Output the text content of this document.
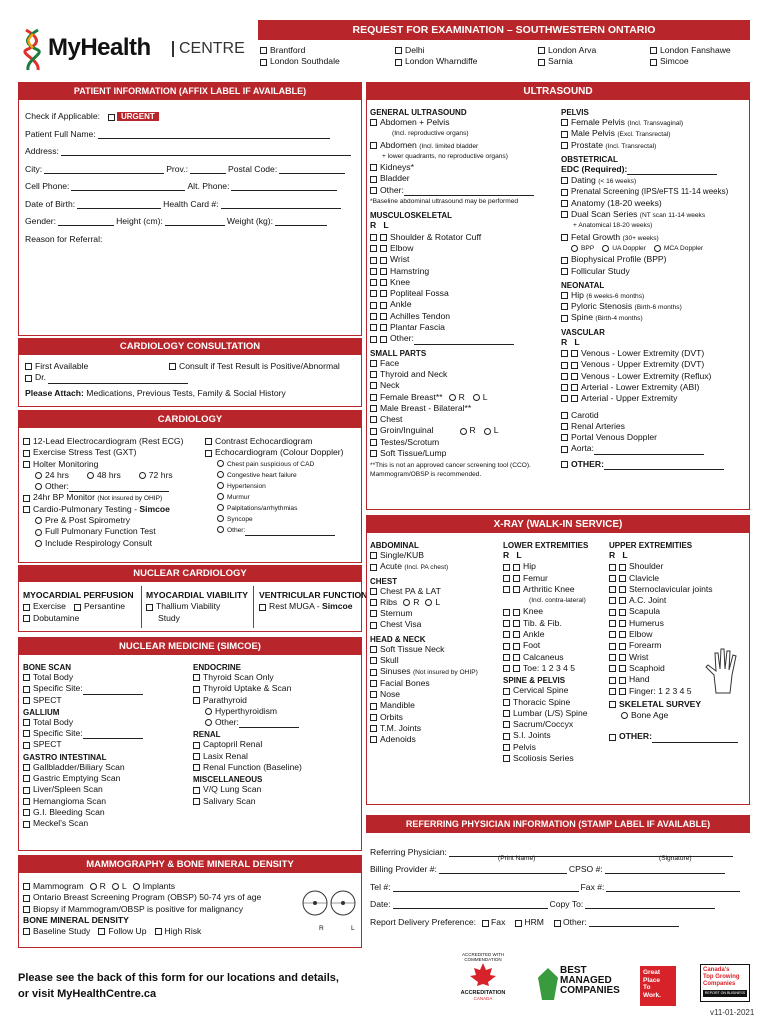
MyHealth	CENTRE
REQUEST FOR EXAMINATION – SOUTHWESTERN ONTARIO
Brantford
London Southdale
Delhi
London Wharndiffe
London Arva
Sarnia
London Fanshawe
Simcoe
PATIENT INFORMATION (AFFIX LABEL IF AVAILABLE)
Check if Applicable:	URGENT
Patient Full Name:
Address:
City:	Prov.:	Postal Code:
Cell Phone:	Alt. Phone:
Date of Birth:	Health Card #:
Gender:	Height (cm):	Weight (kg):
Reason for Referral:
CARDIOLOGY CONSULTATION
First Available	Consult if Test Result is Positive/Abnormal
Dr.
Please Attach: Medications, Previous Tests, Family & Social History
CARDIOLOGY
12-Lead Electrocardiogram (Rest ECG)
Exercise Stress Test (GXT)
Holter Monitoring
24 hrs	48 hrs	72 hrs
Other:
24hr BP Monitor (Not insured by OHIP)
Cardio-Pulmonary Testing - Simcoe
Pre & Post Spirometry
Full Pulmonary Function Test
Include Respirology Consult
Contrast Echocardiogram
Echocardiogram (Colour Doppler)
Chest pain suspicious of CAD
Congestive heart failure
Hypertension
Murmur
Palpitations/arrhythmias
Syncope
Other:
NUCLEAR CARDIOLOGY
MYOCARDIAL PERFUSION
Exercise Persantine
Dobutamine
MYOCARDIAL VIABILITY
Thallium Viability
Study
VENTRICULAR FUNCTION
Rest MUGA - Simcoe
NUCLEAR MEDICINE (SIMCOE)
BONE SCAN
Total Body
Specific Site:
SPECT
GALLIUM
Total Body
Specific Site:
SPECT
GASTRO INTESTINAL
Gallbladder/Biliary Scan
Gastric Emptying Scan
Liver/Spleen Scan
Hemangioma Scan
G.I. Bleeding Scan
Meckel's Scan
ENDOCRINE
Thyroid Scan Only
Thyroid Uptake & Scan
Parathyroid
Hyperthyroidism
Other:
RENAL
Captopril Renal
Lasix Renal
Renal Function (Baseline)
MISCELLANEOUS
V/Q Lung Scan
Salivary Scan
MAMMOGRAPHY & BONE MINERAL DENSITY
Mammogram R L Implants
Ontario Breast Screening Program (OBSP) 50-74 yrs of age
Biopsy if Mammogram/OBSP is positive for malignancy
BONE MINERAL DENSITY
Baseline Study Follow Up High Risk	R	L
ULTRASOUND
GENERAL ULTRASOUND
Abdomen + Pelvis
(Incl. reproductive organs)
Abdomen (Incl. limited bladder
+ lower quadrants, no reproductive organs)
Kidneys*
Bladder
Other:
*Baseline abdominal ultrasound may be performed
MUSCULOSKELETAL
R   L
Shoulder & Rotator Cuff
Elbow
Wrist
Hamstring
Knee
Popliteal Fossa
Ankle
Achilles Tendon
Plantar Fascia
Other:
SMALL PARTS
Face
Thyroid and Neck
Neck
Female Breast** R L
Male Breast - Bilateral**
Chest
Groin/Inguinal	R L
Testes/Scrotum
Soft Tissue/Lump
**This is not an approved cancer screening tool (CCO). Mammogram/OBSP is recommended.
PELVIS
Female Pelvis (Incl. Transvaginal)
Male Pelvis (Excl. Transrectal)
Prostate (Incl. Transrectal)
OBSTETRICAL
EDC (Required):
Dating (< 16 weeks)
Prenatal Screening (IPS/eFTS 11-14 weeks)
Anatomy (18-20 weeks)
Dual Scan Series (NT scan 11-14 weeks
+ Anatomical 18-20 weeks)
Fetal Growth (30+ weeks)
BPP	UA Doppler	MCA Doppler
Biophysical Profile (BPP)
Follicular Study
NEONATAL
Hip (6 weeks-6 months)
Pyloric Stenosis (Birth-6 months)
Spine (Birth-4 months)
VASCULAR
R   L
Venous - Lower Extremity (DVT)
Venous - Upper Extremity (DVT)
Venous - Lower Extremity (Reflux)
Arterial - Lower Extremity (ABI)
Arterial - Upper Extremity
Carotid
Renal Arteries
Portal Venous Doppler
Aorta:
OTHER:
X-RAY (WALK-IN SERVICE)
ABDOMINAL
Single/KUB
Acute (Incl. PA chest)
CHEST
Chest PA & LAT
Ribs R L
Sternum
Chest Visa
HEAD & NECK
Soft Tissue Neck
Skull
Sinuses (Not insured by OHIP)
Facial Bones
Nose
Mandible
Orbits
T.M. Joints
Adenoids
LOWER EXTREMITIES
R   L
Hip
Femur
Arthritic Knee
(Incl. contra-lateral)
Knee
Tib. & Fib.
Ankle
Foot
Calcaneus
Toe: 1 2 3 4 5
SPINE & PELVIS
Cervical Spine
Thoracic Spine
Lumbar (L/S) Spine
Sacrum/Coccyx
S.I. Joints
Pelvis
Scoliosis Series
UPPER EXTREMITIES
R   L
Shoulder
Clavicle
Sternoclavicular joints
A.C. Joint
Scapula
Humerus
Elbow
Forearm
Wrist
Scaphoid
Hand
Finger: 1 2 3 4 5
SKELETAL SURVEY
Bone Age
OTHER:
REFERRING PHYSICIAN INFORMATION (STAMP LABEL IF AVAILABLE)
Referring Physician:
(Print Name)	(Signature)
Billing Provider #:	CPSO #:
Tel #:	Fax #:
Date:	Copy To:
Report Delivery Preference: Fax HRM Other:
Please see the back of this form for our locations and details,
or visit MyHealthCentre.ca
ACCREDITED WITH COMMENDATION
ACCREDITATION
CANADA
BEST
MANAGED
COMPANIES
Great
Place
To
Work.
Canada's
Top Growing
Companies
REPORT ON BUSINESS
v11-01-2021
